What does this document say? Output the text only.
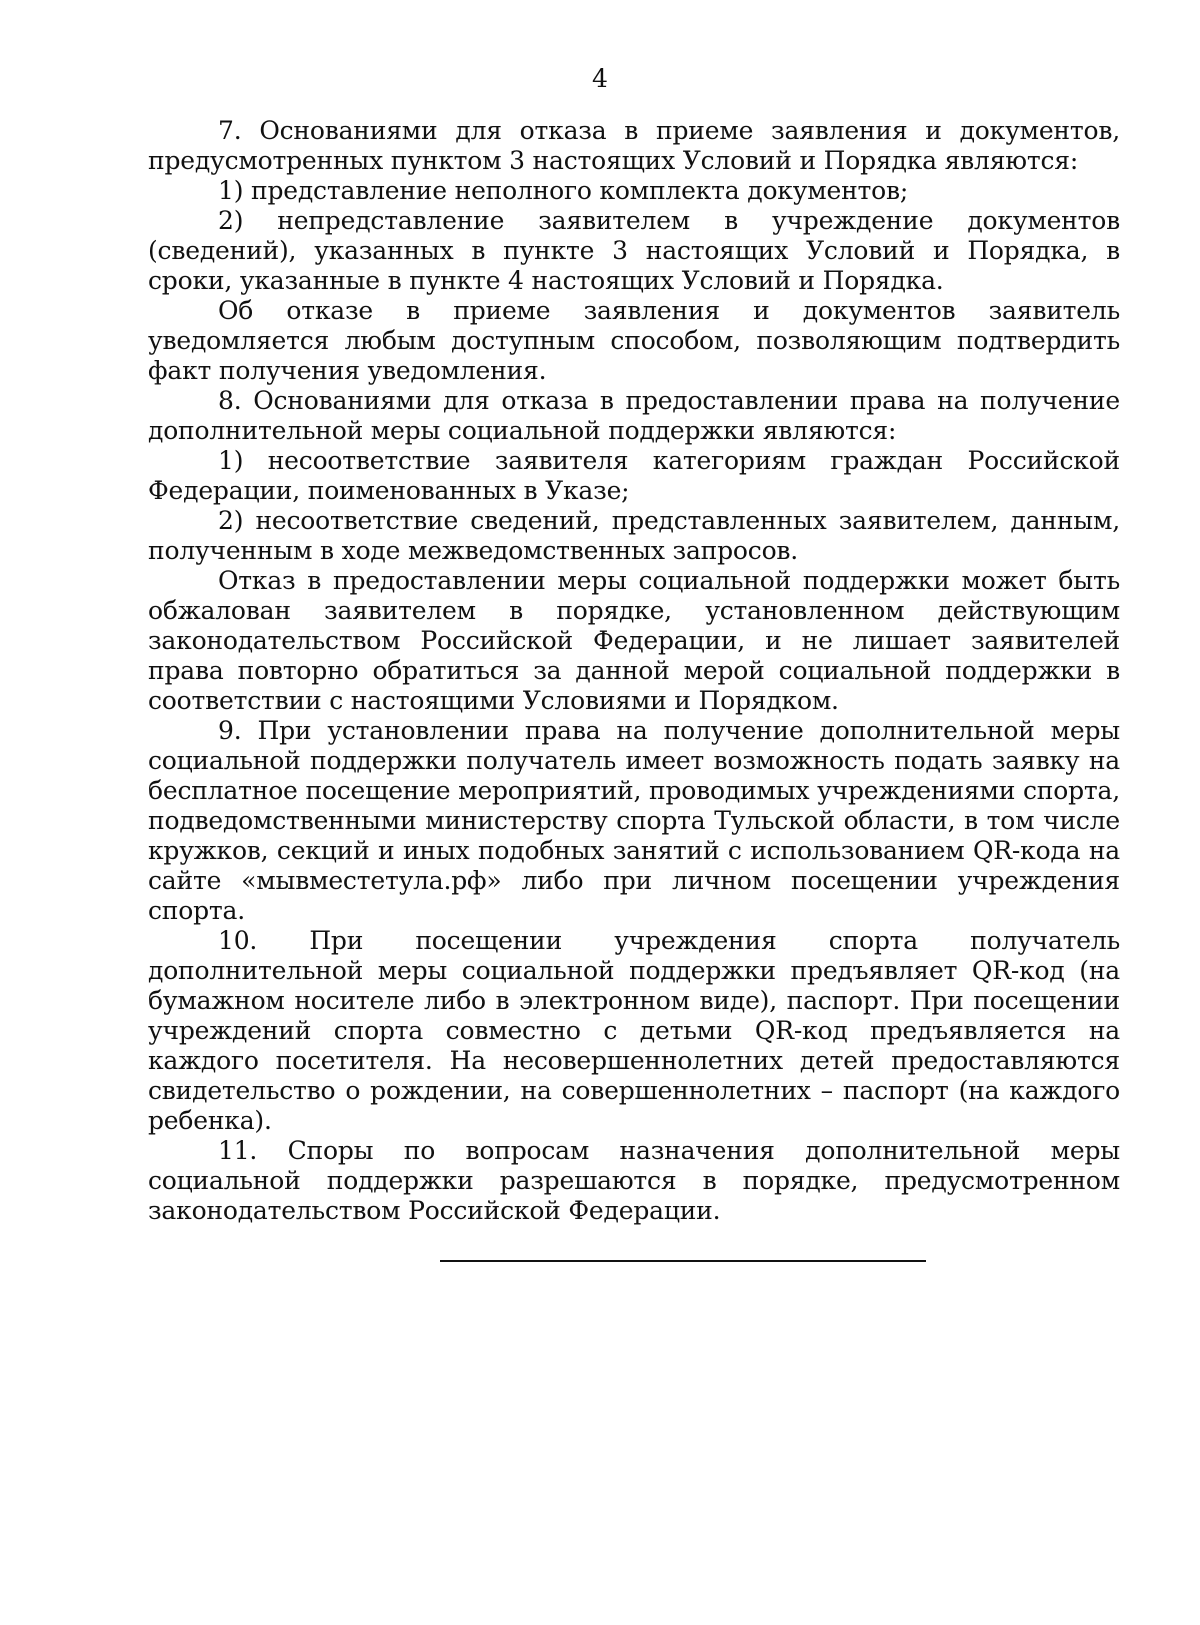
4

7. Основаниями для отказа в приеме заявления и документов, предусмотренных пунктом 3 настоящих Условий и Порядка являются:

1) представление неполного комплекта документов;

2) непредставление заявителем в учреждение документов (сведений), указанных в пункте 3 настоящих Условий и Порядка, в сроки, указанные в пункте 4 настоящих Условий и Порядка.

Об отказе в приеме заявления и документов заявитель уведомляется любым доступным способом, позволяющим подтвердить факт получения уведомления.

8. Основаниями для отказа в предоставлении права на получение дополнительной меры социальной поддержки являются:

1) несоответствие заявителя категориям граждан Российской Федерации, поименованных в Указе;

2) несоответствие сведений, представленных заявителем, данным, полученным в ходе межведомственных запросов.

Отказ в предоставлении меры социальной поддержки может быть обжалован заявителем в порядке, установленном действующим законодательством Российской Федерации, и не лишает заявителей права повторно обратиться за данной мерой социальной поддержки в соответствии с настоящими Условиями и Порядком.

9. При установлении права на получение дополнительной меры социальной поддержки получатель имеет возможность подать заявку на бесплатное посещение мероприятий, проводимых учреждениями спорта, подведомственными министерству спорта Тульской области, в том числе кружков, секций и иных подобных занятий с использованием QR-кода на сайте «мывместетула.рф» либо при личном посещении учреждения спорта.

10. При посещении учреждения спорта получатель дополнительной меры социальной поддержки предъявляет QR-код (на бумажном носителе либо в электронном виде), паспорт. При посещении учреждений спорта совместно с детьми QR-код предъявляется на каждого посетителя. На несовершеннолетних детей предоставляются свидетельство о рождении, на совершеннолетних – паспорт (на каждого ребенка).

11. Споры по вопросам назначения дополнительной меры социальной поддержки разрешаются в порядке, предусмотренном законодательством Российской Федерации.
